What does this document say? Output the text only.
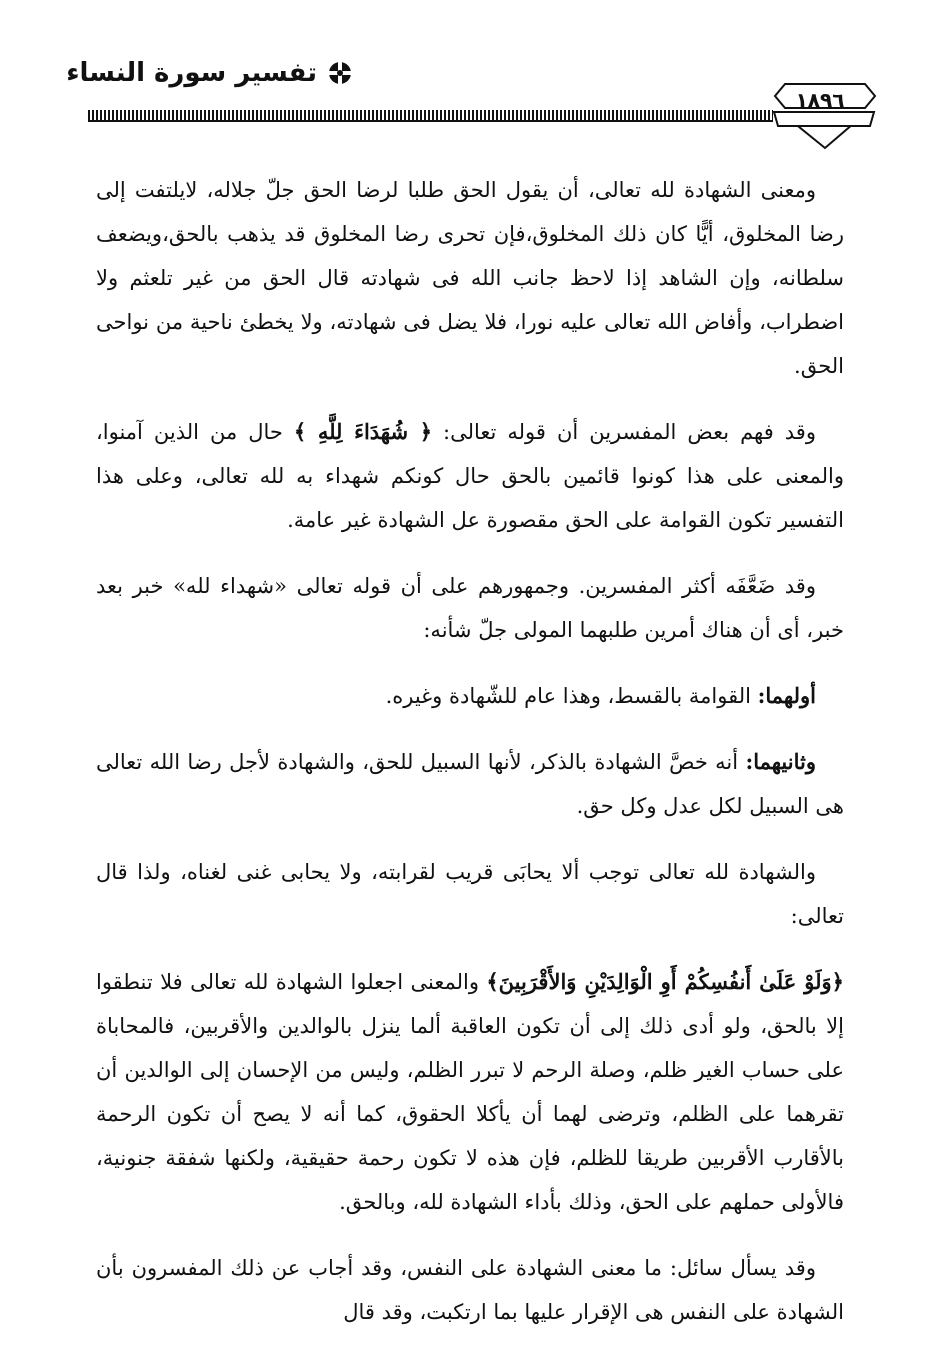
تفسير سورة النساء
١٨٩٦

ومعنى الشهادة لله تعالى، أن يقول الحق طلبا لرضا الحق جلّ جلاله، لايلتفت إلى رضا المخلوق، أيًّا كان ذلك المخلوق،فإن تحرى رضا المخلوق قد يذهب بالحق،ويضعف سلطانه، وإن الشاهد إذا لاحظ جانب الله فى شهادته قال الحق من غير تلعثم ولا اضطراب، وأفاض الله تعالى عليه نورا، فلا يضل فى شهادته، ولا يخطئ ناحية من نواحى الحق.

وقد فهم بعض المفسرين أن قوله تعالى: ﴿ شُهَدَاءَ لِلَّهِ ﴾ حال من الذين آمنوا، والمعنى على هذا كونوا قائمين بالحق حال كونكم شهداء به لله تعالى، وعلى هذا التفسير تكون القوامة على الحق مقصورة عل الشهادة غير عامة.

وقد ضَعَّفَه أكثر المفسرين. وجمهورهم على أن قوله تعالى «شهداء لله» خبر بعد خبر، أى أن هناك أمرين طلبهما المولى جلّ شأنه:

أولهما: القوامة بالقسط، وهذا عام للشّهادة وغيره.

وثانيهما: أنه خصَّ الشهادة بالذكر، لأنها السبيل للحق، والشهادة لأجل رضا الله تعالى هى السبيل لكل عدل وكل حق.

والشهادة لله تعالى توجب ألا يحابَى قريب لقرابته، ولا يحابى غنى لغناه، ولذا قال تعالى:

﴿وَلَوْ عَلَىٰ أَنفُسِكُمْ أَوِ الْوَالِدَيْنِ وَالأَقْرَبِينَ﴾ والمعنى اجعلوا الشهادة لله تعالى فلا تنطقوا إلا بالحق، ولو أدى ذلك إلى أن تكون العاقبة ألما ينزل بالوالدين والأقربين، فالمحاباة على حساب الغير ظلم، وصلة الرحم لا تبرر الظلم، وليس من الإحسان إلى الوالدين أن تقرهما على الظلم، وترضى لهما أن يأكلا الحقوق، كما أنه لا يصح أن تكون الرحمة بالأقارب الأقربين طريقا للظلم، فإن هذه لا تكون رحمة حقيقية، ولكنها شفقة جنونية، فالأولى حملهم على الحق، وذلك بأداء الشهادة لله، وبالحق.

وقد يسأل سائل: ما معنى الشهادة على النفس، وقد أجاب عن ذلك المفسرون بأن الشهادة على النفس هى الإقرار عليها بما ارتكبت، وقد قال
